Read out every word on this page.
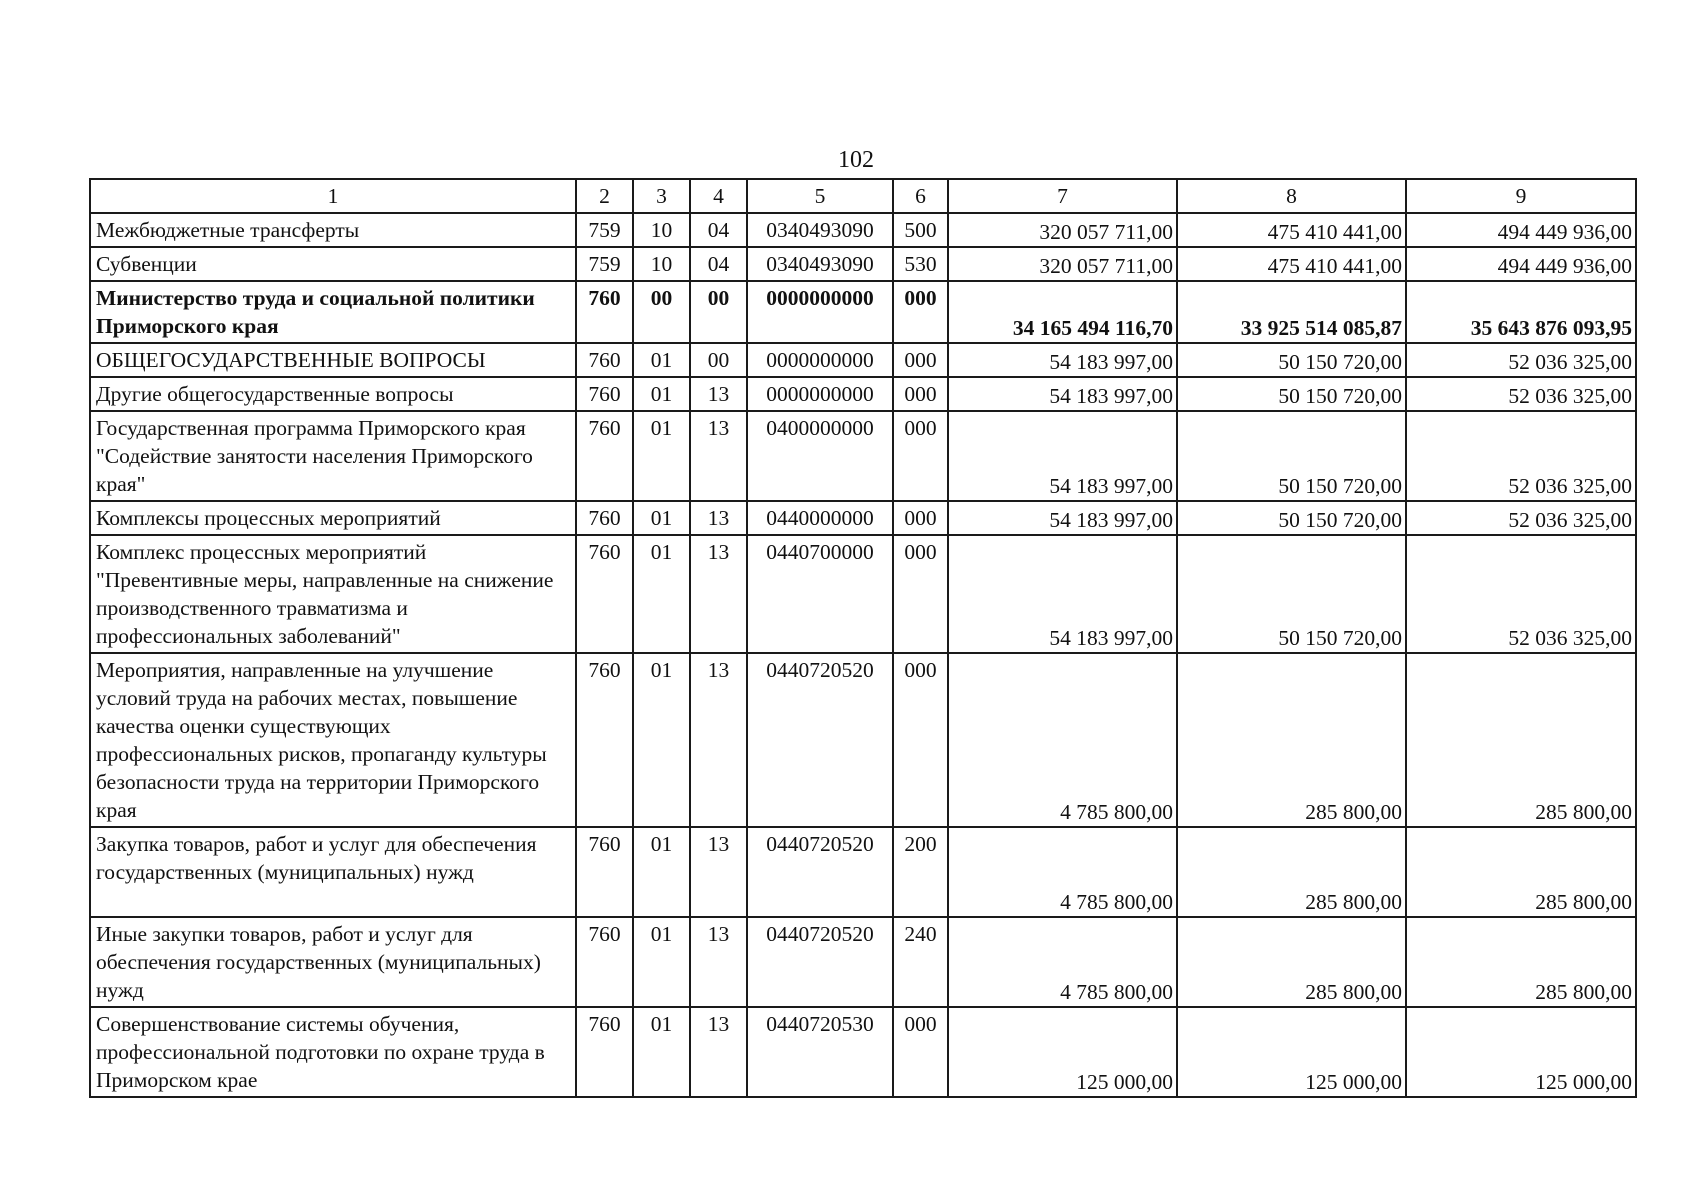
102
1	2	3	4	5	6	7	8	9
Межбюджетные трансферты	759	10	04	0340493090	500	320 057 711,00	475 410 441,00	494 449 936,00
Субвенции	759	10	04	0340493090	530	320 057 711,00	475 410 441,00	494 449 936,00
Министерство труда и социальной политики Приморского края	760	00	00	0000000000	000	34 165 494 116,70	33 925 514 085,87	35 643 876 093,95
ОБЩЕГОСУДАРСТВЕННЫЕ ВОПРОСЫ	760	01	00	0000000000	000	54 183 997,00	50 150 720,00	52 036 325,00
Другие общегосударственные вопросы	760	01	13	0000000000	000	54 183 997,00	50 150 720,00	52 036 325,00
Государственная программа Приморского края "Содействие занятости населения Приморского края"	760	01	13	0400000000	000	54 183 997,00	50 150 720,00	52 036 325,00
Комплексы процессных мероприятий	760	01	13	0440000000	000	54 183 997,00	50 150 720,00	52 036 325,00
Комплекс процессных мероприятий "Превентивные меры, направленные на снижение производственного травматизма и профессиональных заболеваний"	760	01	13	0440700000	000	54 183 997,00	50 150 720,00	52 036 325,00
Мероприятия, направленные на улучшение условий труда на рабочих местах, повышение качества оценки существующих профессиональных рисков, пропаганду культуры безопасности труда на территории Приморского края	760	01	13	0440720520	000	4 785 800,00	285 800,00	285 800,00
Закупка товаров, работ и услуг для обеспечения государственных (муниципальных) нужд	760	01	13	0440720520	200	4 785 800,00	285 800,00	285 800,00
Иные закупки товаров, работ и услуг для обеспечения государственных (муниципальных) нужд	760	01	13	0440720520	240	4 785 800,00	285 800,00	285 800,00
Совершенствование системы обучения, профессиональной подготовки по охране труда в Приморском крае	760	01	13	0440720530	000	125 000,00	125 000,00	125 000,00
